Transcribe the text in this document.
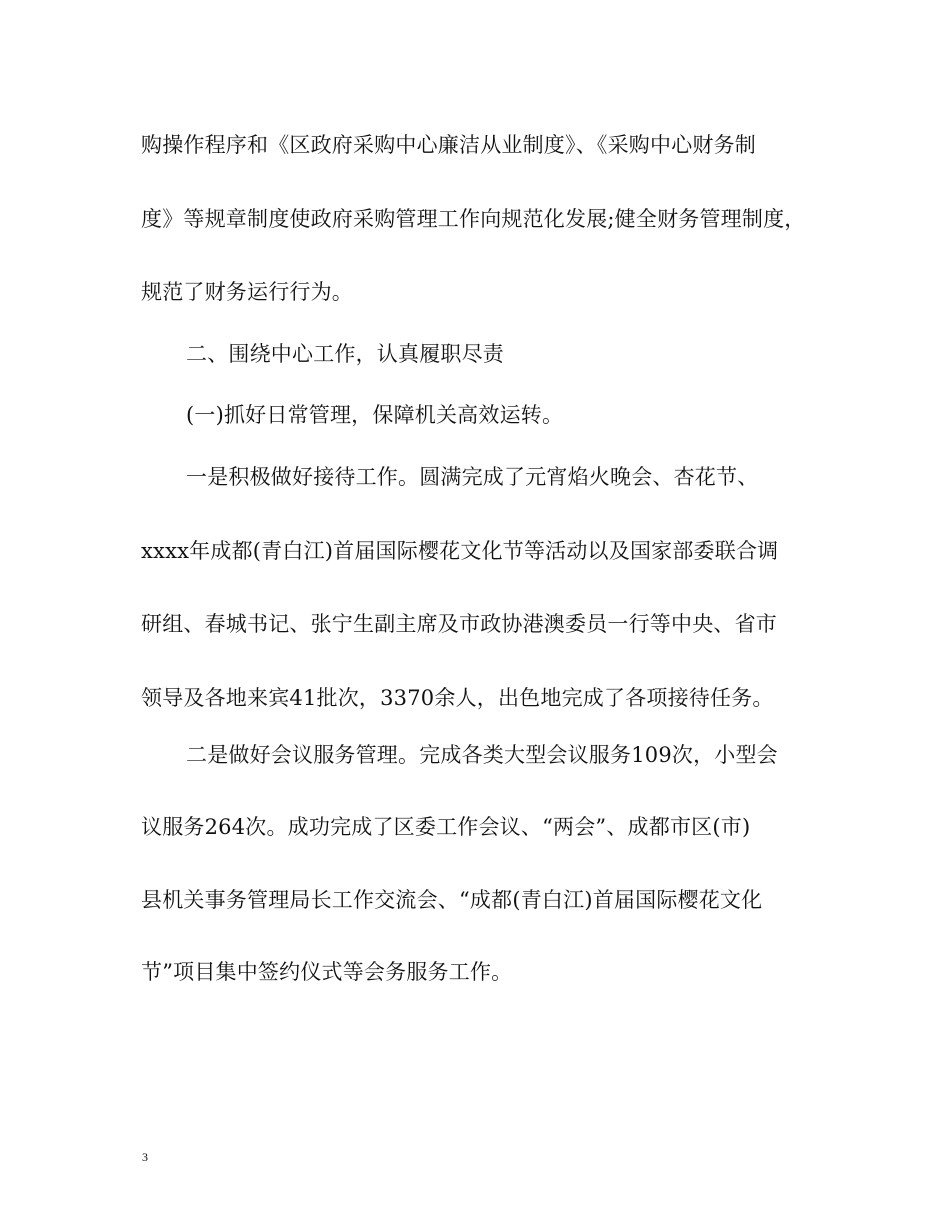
购操作程序和《区政府采购中心廉洁从业制度》、《采购中心财务制
度》等规章制度使政府采购管理工作向规范化发展;健全财务管理制度，
规范了财务运行行为。
二、围绕中心工作，认真履职尽责
(一)抓好日常管理，保障机关高效运转。
一是积极做好接待工作。圆满完成了元宵焰火晚会、杏花节、
xxxx年成都(青白江)首届国际樱花文化节等活动以及国家部委联合调
研组、春城书记、张宁生副主席及市政协港澳委员一行等中央、省市
领导及各地来宾41批次，3370余人，出色地完成了各项接待任务。
二是做好会议服务管理。完成各类大型会议服务109次，小型会
议服务264次。成功完成了区委工作会议、“两会”、成都市区(市)
县机关事务管理局长工作交流会、“成都(青白江)首届国际樱花文化
节”项目集中签约仪式等会务服务工作。
3
